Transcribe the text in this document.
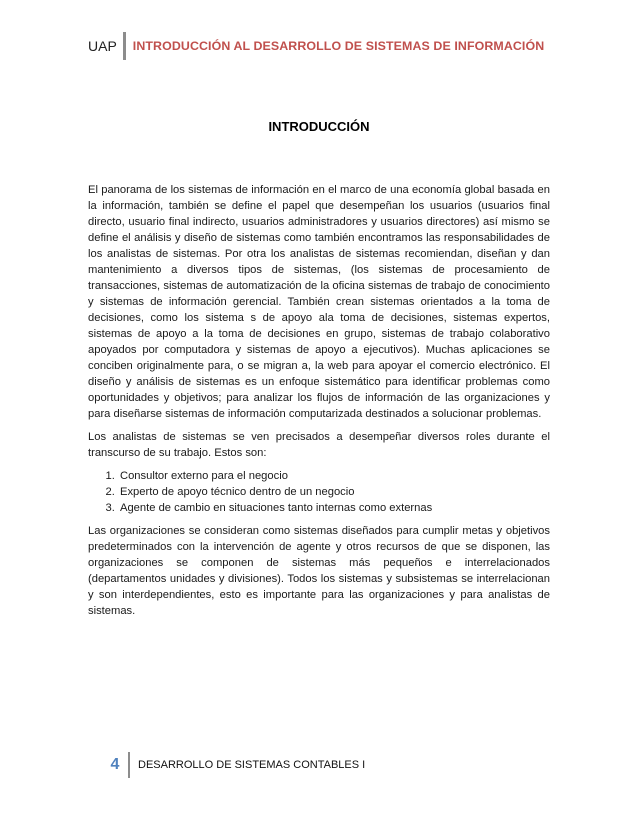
UAP	INTRODUCCIÓN AL DESARROLLO DE SISTEMAS DE INFORMACIÓN
INTRODUCCIÓN

El panorama de los sistemas de información en el marco de una economía global basada en la información, también se define el papel que desempeñan los usuarios (usuarios final directo, usuario final indirecto, usuarios administradores y usuarios directores) así mismo se define el análisis y diseño de sistemas como también encontramos las responsabilidades de los analistas de sistemas. Por otra los analistas de sistemas recomiendan, diseñan y dan mantenimiento a diversos tipos de sistemas, (los sistemas de procesamiento de transacciones, sistemas de automatización de la oficina sistemas de trabajo de conocimiento y sistemas de información gerencial. También crean sistemas orientados a la toma de decisiones, como los sistema s de apoyo ala toma de decisiones, sistemas expertos, sistemas de apoyo a la toma de decisiones en grupo, sistemas de trabajo colaborativo apoyados por computadora y sistemas de apoyo a ejecutivos). Muchas aplicaciones se conciben originalmente para, o se migran a, la web para apoyar el comercio electrónico. El diseño y análisis de sistemas es un enfoque sistemático para identificar problemas como oportunidades y objetivos; para analizar los flujos de información de las organizaciones y para diseñarse sistemas de información computarizada destinados a solucionar problemas.

Los analistas de sistemas se ven precisados a desempeñar diversos roles durante el transcurso de su trabajo. Estos son:

1. Consultor externo para el negocio
2. Experto de apoyo técnico dentro de un negocio
3. Agente de cambio en situaciones tanto internas como externas

Las organizaciones se consideran como sistemas diseñados para cumplir metas y objetivos predeterminados con la intervención de agente y otros recursos de que se disponen, las organizaciones se componen de sistemas más pequeños e interrelacionados (departamentos unidades y divisiones). Todos los sistemas y subsistemas se interrelacionan y son interdependientes, esto es importante para las organizaciones y para analistas de sistemas.

4	DESARROLLO DE SISTEMAS CONTABLES I
